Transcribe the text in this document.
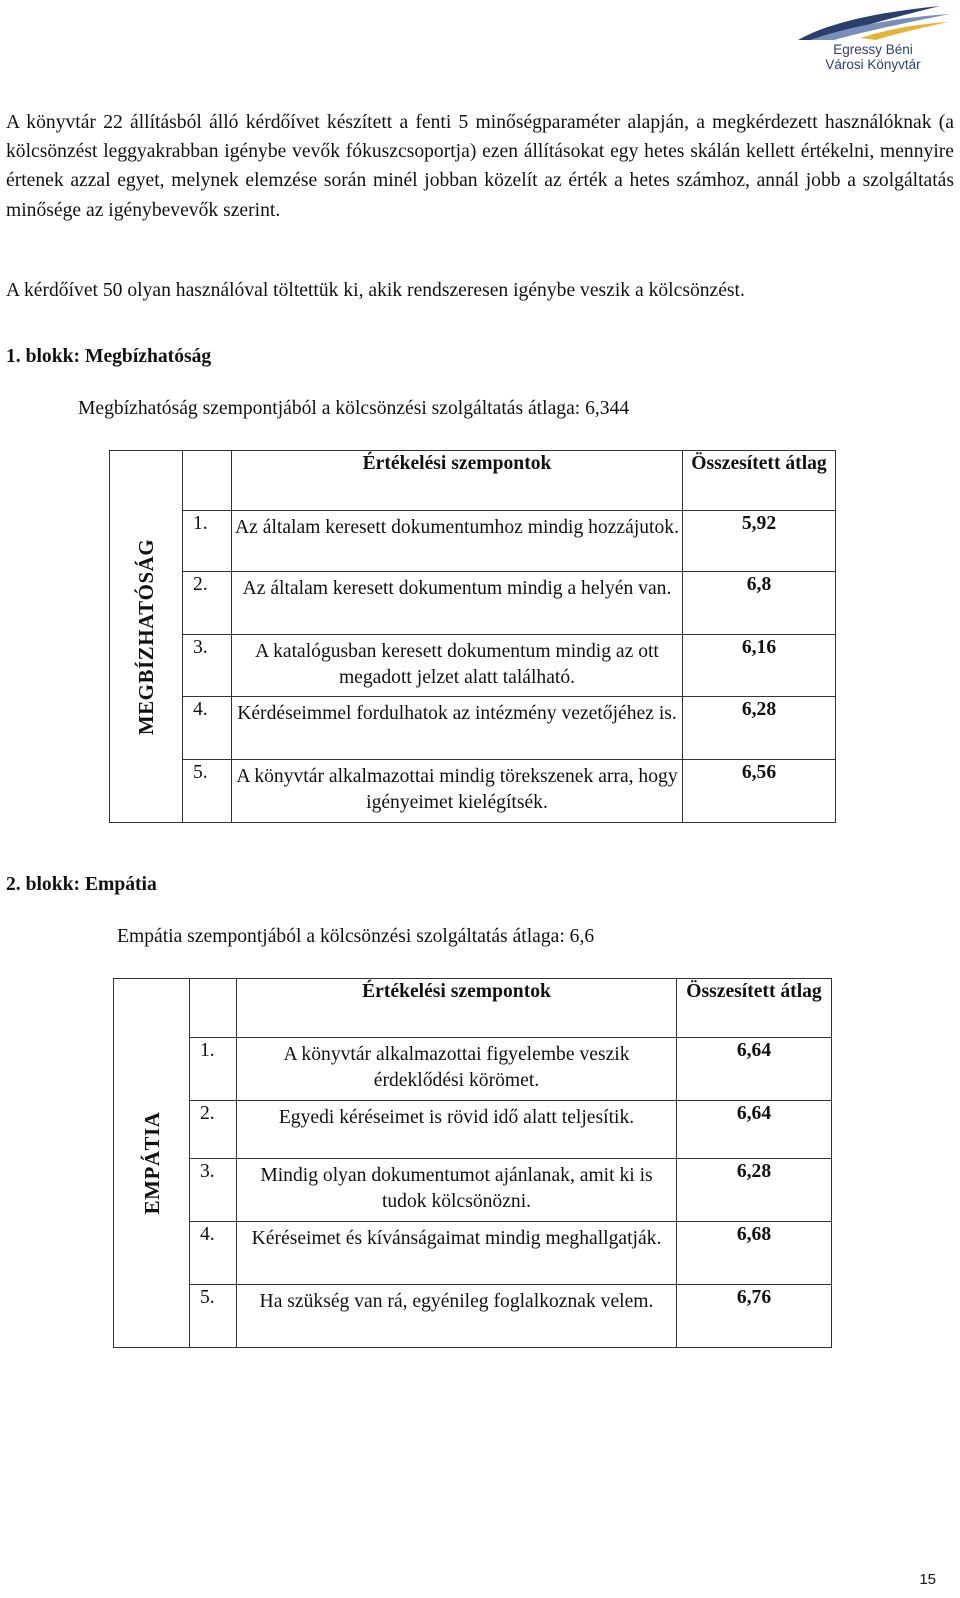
Egressy Béni
Városi Könyvtár

A könyvtár 22 állításból álló kérdőívet készített a fenti 5 minőségparaméter alapján, a megkérdezett használóknak (a kölcsönzést leggyakrabban igénybe vevők fókuszcsoportja) ezen állításokat egy hetes skálán kellett értékelni, mennyire értenek azzal egyet, melynek elemzése során minél jobban közelít az érték a hetes számhoz, annál jobb a szolgáltatás minősége az igénybevevők szerint.

A kérdőívet 50 olyan használóval töltettük ki, akik rendszeresen igénybe veszik a kölcsönzést.

1. blokk: Megbízhatóság

Megbízhatóság szempontjából a kölcsönzési szolgáltatás átlaga: 6,344

MEGBÍZHATÓSÁG		Értékelési szempontok	Összesített átlag
	1.	Az általam keresett dokumentumhoz mindig hozzájutok.	5,92
	2.	Az általam keresett dokumentum mindig a helyén van.	6,8
	3.	A katalógusban keresett dokumentum mindig az ott megadott jelzet alatt található.	6,16
	4.	Kérdéseimmel fordulhatok az intézmény vezetőjéhez is.	6,28
	5.	A könyvtár alkalmazottai mindig törekszenek arra, hogy igényeimet kielégítsék.	6,56

2. blokk: Empátia

Empátia szempontjából a kölcsönzési szolgáltatás átlaga: 6,6

EMPÁTIA		Értékelési szempontok	Összesített átlag
	1.	A könyvtár alkalmazottai figyelembe veszik érdeklődési körömet.	6,64
	2.	Egyedi kéréseimet is rövid idő alatt teljesítik.	6,64
	3.	Mindig olyan dokumentumot ajánlanak, amit ki is tudok kölcsönözni.	6,28
	4.	Kéréseimet és kívánságaimat mindig meghallgatják.	6,68
	5.	Ha szükség van rá, egyénileg foglalkoznak velem.	6,76
15
